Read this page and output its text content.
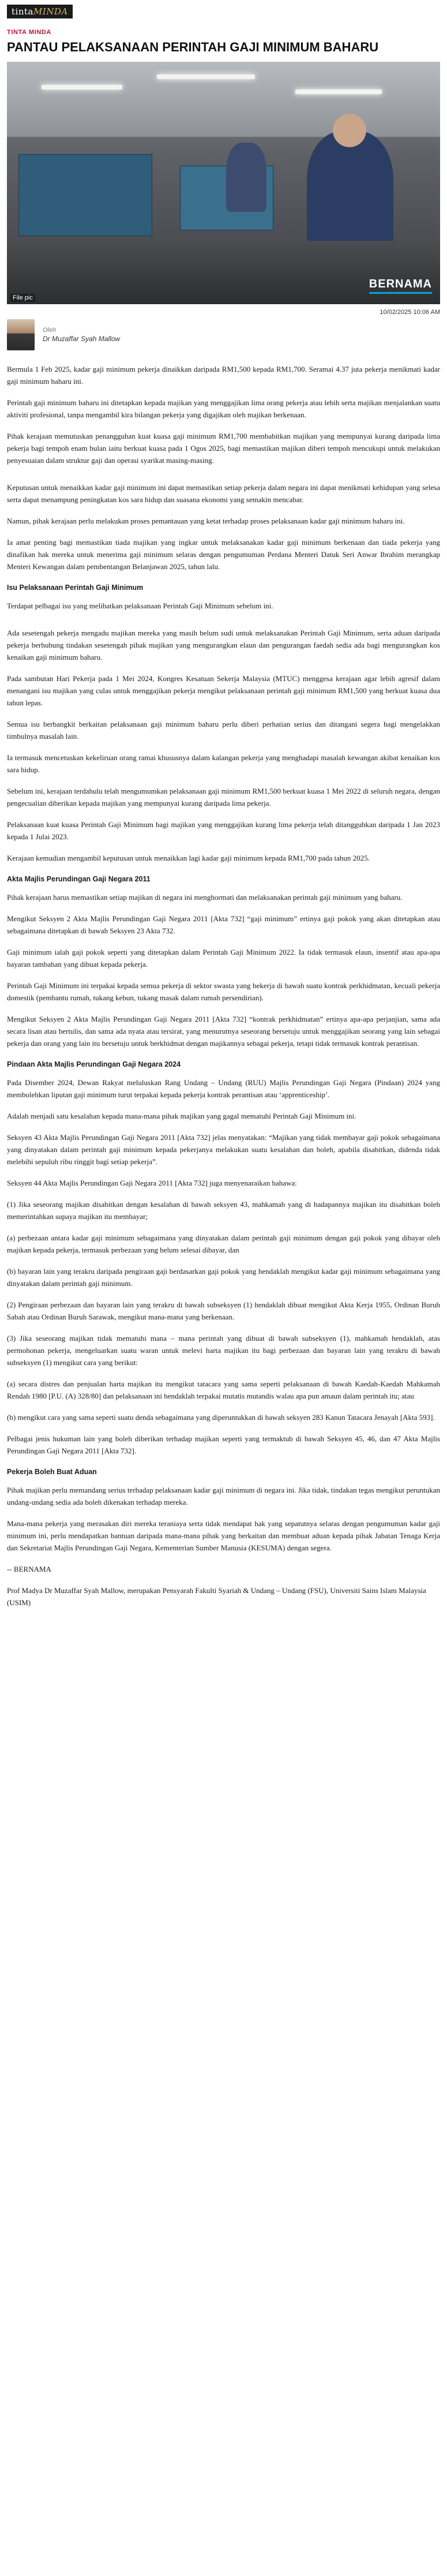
tintaMINDA
TINTA MINDA
PANTAU PELAKSANAAN PERINTAH GAJI MINIMUM BAHARU
BERNAMA
File pic
10/02/2025 10:06 AM
Oleh
Dr Muzaffar Syah Mallow

Bermula 1 Feb 2025, kadar gaji minimum pekerja dinaikkan daripada RM1,500 kepada RM1,700. Seramai 4.37 juta pekerja menikmati kadar gaji minimum baharu ini.

Perintah gaji minimum baharu ini ditetapkan kepada majikan yang menggajikan lima orang pekerja atau lebih serta majikan menjalankan suatu aktiviti profesional, tanpa mengambil kira bilangan pekerja yang digajikan oleh majikan berkenaan.

Pihak kerajaan memutuskan penangguhan kuat kuasa gaji minimum RM1,700 membabitkan majikan yang mempunyai kurang daripada lima pekerja bagi tempoh enam bulan iaitu berkuat kuasa pada 1 Ogos 2025, bagi memastikan majikan diberi tempoh mencukupi untuk melakukan penyesuaian dalam struktur gaji dan operasi syarikat masing-masing.

Keputusan untuk menaikkan kadar gaji minimum ini dapat memastikan setiap pekerja dalam negara ini dapat menikmati kehidupan yang selesa serta dapat menampung peningkatan kos sara hidup dan suasana ekonomi yang semakin mencabar.

Namun, pihak kerajaan perlu melakukan proses pemantauan yang ketat terhadap proses pelaksanaan kadar gaji minimum baharu ini.

Ia amat penting bagi memastikan tiada majikan yang ingkar untuk melaksanakan kadar gaji minimum berkenaan dan tiada pekerja yang dinafikan hak mereka untuk menerima gaji minimum selaras dengan pengumuman Perdana Menteri Datuk Seri Anwar Ibrahim merangkap Menteri Kewangan dalam pembentangan Belanjawan 2025, tahun lalu.

Isu Pelaksanaan Perintah Gaji Minimum

Terdapat pelbagai isu yang melibatkan pelaksanaan Perintah Gaji Minimum sebelum ini.

Ada sesetengah pekerja mengadu majikan mereka yang masih belum sudi untuk melaksanakan Perintah Gaji Minimum, serta aduan daripada pekerja berhubung tindakan sesetengah pihak majikan yang mengurangkan elaun dan pengurangan faedah sedia ada bagi mengurangkan kos kenaikan gaji minimum baharu.

Pada sambutan Hari Pekerja pada 1 Mei 2024, Kongres Kesatuan Sekerja Malaysia (MTUC) menggesa kerajaan agar lebih agresif dalam menangani isu majikan yang culas untuk menggajikan pekerja mengikut pelaksanaan perintah gaji minimum RM1,500 yang berkuat kuasa dua tahun lepas.

Semua isu berbangkit berkaitan pelaksanaan gaji minimum baharu perlu diberi perhatian serius dan ditangani segera bagi mengelakkan timbulnya masalah lain.

Ia termasuk mencetuskan kekeliruan orang ramai khususnya dalam kalangan pekerja yang menghadapi masalah kewangan akibat kenaikan kos sara hidup.

Sebelum ini, kerajaan terdahulu telah mengumumkan pelaksanaan gaji minimum RM1,500 berkuat kuasa 1 Mei 2022 di seluruh negara, dengan pengecualian diberikan kepada majikan yang mempunyai kurang daripada lima pekerja.

Pelaksanaan kuat kuasa Perintah Gaji Minimum bagi majikan yang menggajikan kurang lima pekerja telah ditangguhkan daripada 1 Jan 2023 kepada 1 Julai 2023.

Kerajaan kemudian mengambil keputusan untuk menaikkan lagi kadar gaji minimum kepada RM1,700 pada tahun 2025.

Akta Majlis Perundingan Gaji Negara 2011

Pihak kerajaan harus memastikan setiap majikan di negara ini menghormati dan melaksanakan perintah gaji minimum yang baharu.

Mengikut Seksyen 2 Akta Majlis Perundingan Gaji Negara 2011 [Akta 732] “gaji minimum” ertinya gaji pokok yang akan ditetapkan atau sebagaimana ditetapkan di bawah Seksyen 23 Akta 732.

Gaji minimum ialah gaji pokok seperti yang ditetapkan dalam Perintah Gaji Minimum 2022. Ia tidak termasuk elaun, insentif atau apa-apa bayaran tambahan yang dibuat kepada pekerja.

Perintah Gaji Minimum ini terpakai kepada semua pekerja di sektor swasta yang bekerja di bawah suatu kontrak perkhidmatan, kecuali pekerja domestik (pembantu rumah, tukang kebun, tukang masak dalam rumah persendirian).

Mengikut Seksyen 2 Akta Majlis Perundingan Gaji Negara 2011 [Akta 732] “kontrak perkhidmatan” ertinya apa-apa perjanjian, sama ada secara lisan atau bertulis, dan sama ada nyata atau tersirat, yang menurutnya seseorang bersetuju untuk menggajikan seorang yang lain sebagai pekerja dan orang yang lain itu bersetuju untuk berkhidmat dengan majikannya sebagai pekerja, tetapi tidak termasuk kontrak perantisan.

Pindaan Akta Majlis Perundingan Gaji Negara 2024

Pada Disember 2024, Dewan Rakyat meluluskan Rang Undang – Undang (RUU) Majlis Perundingan Gaji Negara (Pindaan) 2024 yang membolehkan liputan gaji minimum turut terpakai kepada pekerja kontrak perantisan atau ‘apprenticeship’.

Adalah menjadi satu kesalahan kepada mana-mana pihak majikan yang gagal mematuhi Perintah Gaji Minimum ini.

Seksyen 43 Akta Majlis Perundingan Gaji Negara 2011 [Akta 732] jelas menyatakan: “Majikan yang tidak membayar gaji pokok sebagaimana yang dinyatakan dalam perintah gaji minimum kepada pekerjanya melakukan suatu kesalahan dan boleh, apabila disabitkan, didenda tidak melebihi sepuluh ribu ringgit bagi setiap pekerja”.

Seksyen 44 Akta Majlis Perundingan Gaji Negara 2011 [Akta 732] juga menyenaraikan bahawa:

(1) Jika seseorang majikan disabitkan dengan kesalahan di bawah seksyen 43, mahkamah yang di hadapannya majikan itu disabitkan boleh memerintahkan supaya majikan itu membayar;

(a) perbezaan antara kadar gaji minimum sebagaimana yang dinyatakan dalam perintah gaji minimum dengan gaji pokok yang dibayar oleh majikan kepada pekerja, termasuk perbezaan yang belum selesai dibayar, dan

(b) bayaran lain yang terakru daripada pengiraan gaji berdasarkan gaji pokok yang hendaklah mengikut kadar gaji minimum sebagaimana yang dinyatakan dalam perintah gaji minimum.

(2) Pengiraan perbezaan dan bayaran lain yang terakru di bawah subseksyen (1) hendaklah dibuat mengikut Akta Kerja 1955, Ordinan Buruh Sabah atau Ordinan Buruh Sarawak, mengikut mana-mana yang berkenaan.

(3) Jika seseorang majikan tidak mematuhi mana – mana perintah yang dibuat di bawah subseksyen (1), mahkamah hendaklah, atas permohonan pekerja, mengeluarkan suatu waran untuk melevi harta majikan itu bagi perbezaan dan bayaran lain yang terakru di bawah subseksyen (1) mengikut cara yang berikut:

(a) secara distres dan penjualan harta majikan itu mengikut tatacara yang sama seperti pelaksanaan di bawah Kaedah-Kaedah Mahkamah Rendah 1980 [P.U. (A) 328/80] dan pelaksanaan ini hendaklah terpakai mutatis mutandis walau apa pun amaun dalam perintah itu; atau

(b) mengikut cara yang sama seperti suatu denda sebagaimana yang diperuntukkan di bawah seksyen 283 Kanun Tatacara Jenayah [Akta 593].

Pelbagai jenis hukuman lain yang boleh diberikan terhadap majikan seperti yang termaktub di bawah Seksyen 45, 46, dan 47 Akta Majlis Perundingan Gaji Negara 2011 [Akta 732].

Pekerja Boleh Buat Aduan

Pihak majikan perlu memandang serius terhadap pelaksanaan kadar gaji minimum di negara ini. Jika tidak, tindakan tegas mengikut peruntukan undang-undang sedia ada boleh dikenakan terhadap mereka.

Mana-mana pekerja yang merasakan diri mereka teraniaya serta tidak mendapat hak yang sepatutnya selaras dengan pengumuman kadar gaji minimum ini, perlu mendapatkan bantuan daripada mana-mana pihak yang berkaitan dan membuat aduan kepada pihak Jabatan Tenaga Kerja dan Sekretariat Majlis Perundingan Gaji Negara, Kementerian Sumber Manusia (KESUMA) dengan segera.

-- BERNAMA

Prof Madya Dr Muzaffar Syah Mallow, merupakan Pensyarah Fakulti Syariah & Undang – Undang (FSU), Universiti Sains Islam Malaysia (USIM)
